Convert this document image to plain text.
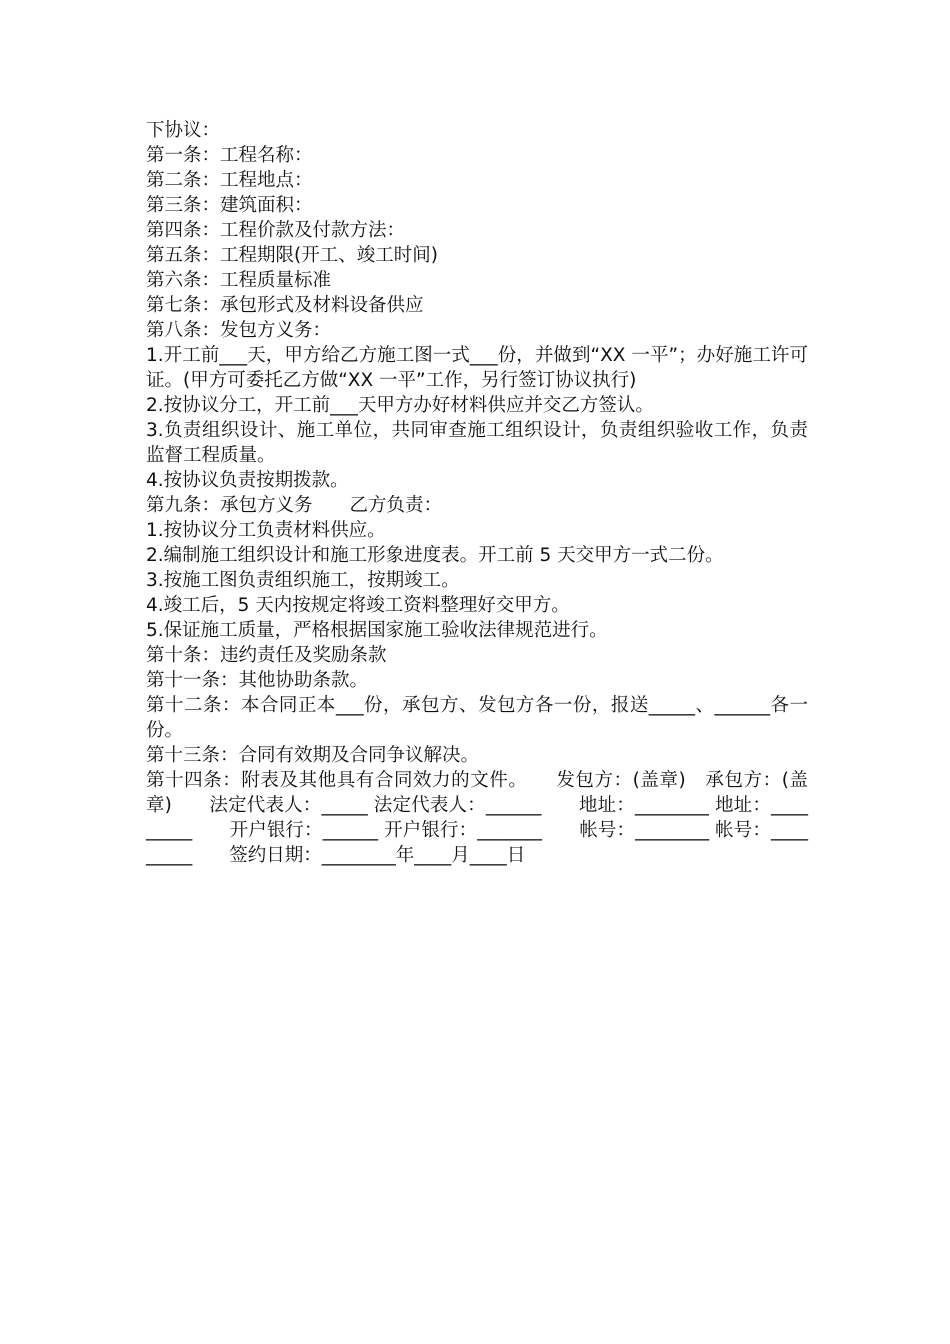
下协议：

第一条：工程名称：

第二条：工程地点：

第三条：建筑面积：

第四条：工程价款及付款方法：

第五条：工程期限(开工、竣工时间)

第六条：工程质量标准

第七条：承包形式及材料设备供应

第八条：发包方义务：

1.开工前___天，甲方给乙方施工图一式___份，并做到“XX 一平”；办好施工许可证。(甲方可委托乙方做“XX 一平”工作，另行签订协议执行)

2.按协议分工，开工前___天甲方办好材料供应并交乙方签认。

3.负责组织设计、施工单位，共同审查施工组织设计，负责组织验收工作，负责监督工程质量。

4.按协议负责按期拨款。

第九条：承包方义务　　乙方负责：

1.按协议分工负责材料供应。

2.编制施工组织设计和施工形象进度表。开工前 5 天交甲方一式二份。

3.按施工图负责组织施工，按期竣工。

4.竣工后，5 天内按规定将竣工资料整理好交甲方。

5.保证施工质量，严格根据国家施工验收法律规范进行。

第十条：违约责任及奖励条款

第十一条：其他协助条款。

第十二条：本合同正本___份，承包方、发包方各一份，报送_____、______各一份。

第十三条：合同有效期及合同争议解决。

第十四条：附表及其他具有合同效力的文件。　　发包方：(盖章)　承包方：(盖章)　　法定代表人：_____ 法定代表人：______　　地址：________ 地址：_________　　开户银行：______ 开户银行：_______　　帐号：________ 帐号：_________　　签约日期：________年____月____日
